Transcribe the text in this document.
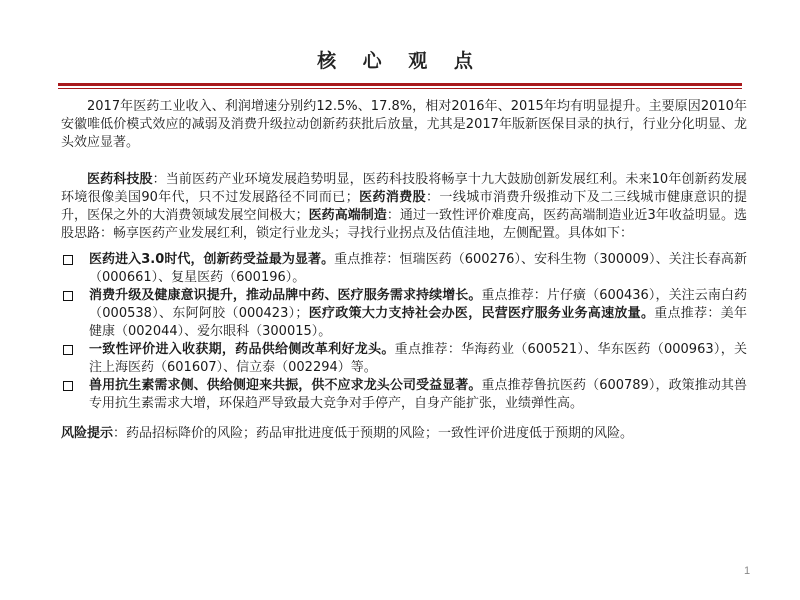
核 心 观 点

2017年医药工业收入、利润增速分别约12.5%、17.8%，相对2016年、2015年均有明显提升。主要原因2010年安徽唯低价模式效应的减弱及消费升级拉动创新药获批后放量，尤其是2017年版新医保目录的执行，行业分化明显、龙头效应显著。

医药科技股：当前医药产业环境发展趋势明显，医药科技股将畅享十九大鼓励创新发展红利。未来10年创新药发展环境很像美国90年代，只不过发展路径不同而已；医药消费股：一线城市消费升级推动下及二三线城市健康意识的提升，医保之外的大消费领域发展空间极大；医药高端制造：通过一致性评价难度高，医药高端制造业近3年收益明显。选股思路：畅享医药产业发展红利，锁定行业龙头；寻找行业拐点及估值洼地，左侧配置。具体如下：

医药进入3.0时代，创新药受益最为显著。重点推荐：恒瑞医药（600276）、安科生物（300009）、关注长春高新（000661）、复星医药（600196）。
消费升级及健康意识提升，推动品牌中药、医疗服务需求持续增长。重点推荐：片仔癀（600436），关注云南白药（000538）、东阿阿胶（000423）；医疗政策大力支持社会办医，民营医疗服务业务高速放量。重点推荐：美年健康（002044）、爱尔眼科（300015）。
一致性评价进入收获期，药品供给侧改革利好龙头。重点推荐：华海药业（600521）、华东医药（000963），关注上海医药（601607）、信立泰（002294）等。
兽用抗生素需求侧、供给侧迎来共振，供不应求龙头公司受益显著。重点推荐鲁抗医药（600789），政策推动其兽专用抗生素需求大增，环保趋严导致最大竞争对手停产，自身产能扩张，业绩弹性高。

风险提示：药品招标降价的风险；药品审批进度低于预期的风险；一致性评价进度低于预期的风险。

1
